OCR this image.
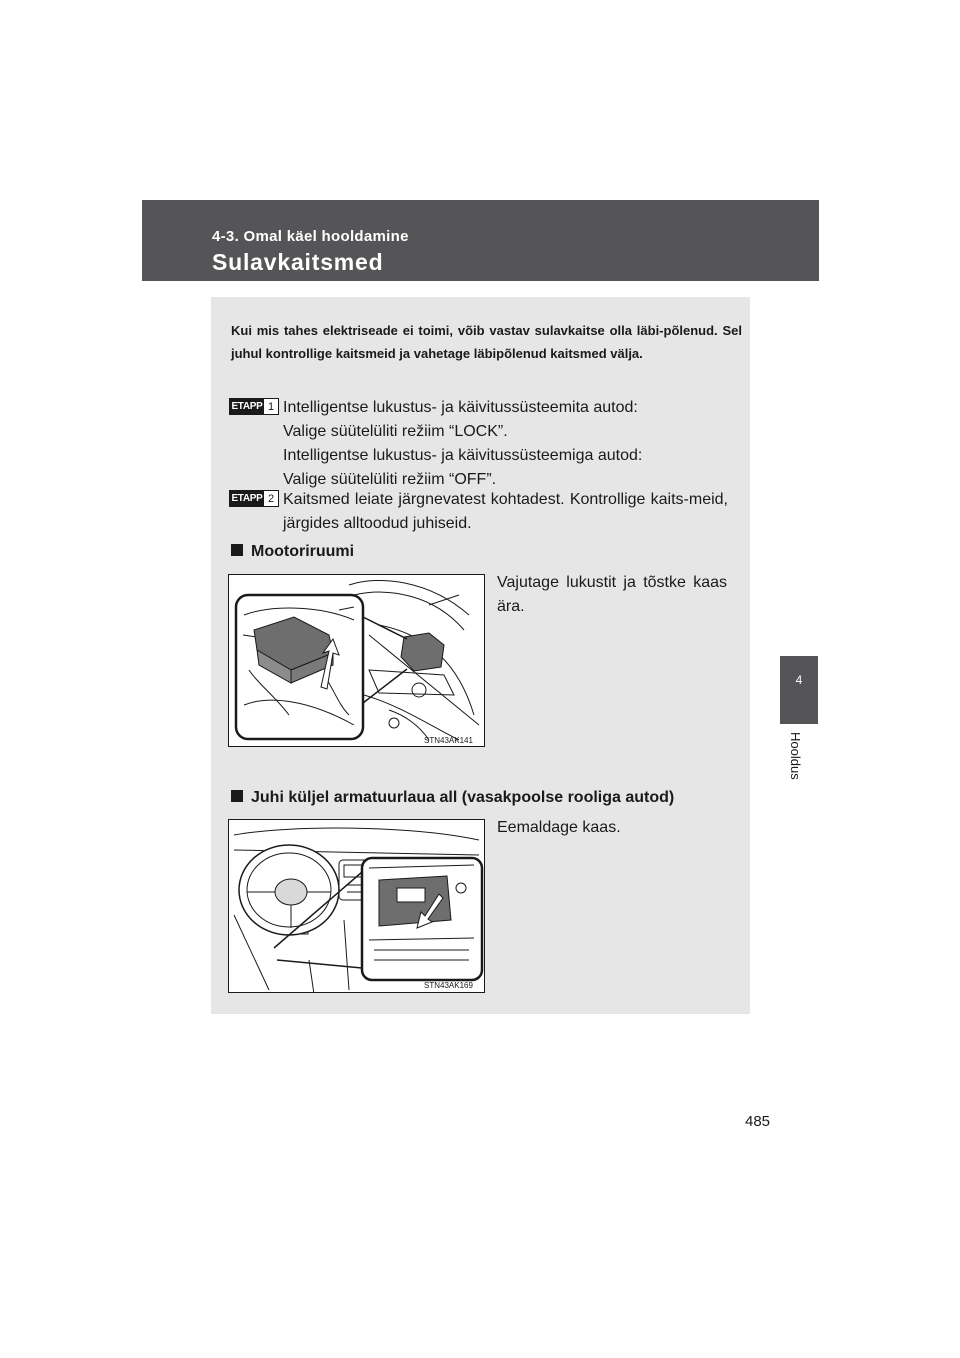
4-3. Omal käel hooldamine
Sulavkaitsmed
4
Hooldus
Kui mis tahes elektriseade ei toimi, võib vastav sulavkaitse olla läbi-põlenud. Sel juhul kontrollige kaitsmeid ja vahetage läbipõlenud kaitsmed välja.
ETAPP 1 Intelligentse lukustus- ja käivitussüsteemita autod:
Valige süütelüliti režiim “LOCK”.
Intelligentse lukustus- ja käivitussüsteemiga autod:
Valige süütelüliti režiim “OFF”.
ETAPP 2 Kaitsmed leiate järgnevatest kohtadest. Kontrollige kaits-meid, järgides alltoodud juhiseid.
Mootoriruumi
STN43AK141
Vajutage lukustit ja tõstke kaas ära.
Juhi küljel armatuurlaua all (vasakpoolse rooliga autod)
STN43AK169
Eemaldage kaas.
485
